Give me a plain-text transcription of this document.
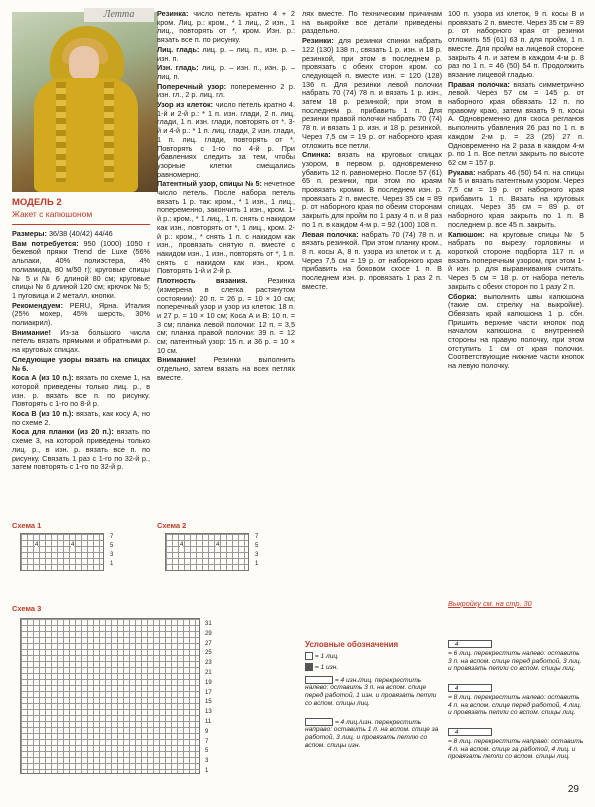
Летта
МОДЕЛЬ 2
Жакет с капюшоном

Размеры: 36/38 (40/42) 44/46

Вам потребуется: 950 (1000) 1050 г бежевой пряжи Trend de Luxe (56% альпаки, 40% полиэстера, 4% полиамида, 80 м/50 г); круговые спицы № 5 и № 6 длиной 80 см; круговые спицы № 6 длиной 120 см; крючок № 5; 1 пуговица и 2 металл. кнопки.

Рекомендуем: PERU, Ярна. Италия (25% мохер, 45% шерсть, 30% полиакрил).

Внимание! Из-за большого числа петель вязать прямыми и обратными р. на круговых спицах.

Следующие узоры вязать на спицах № 6.

Коса А (из 10 п.): вязать по схеме 1, на которой приведены только лиц. р., в изн. р. вязать все п. по рисунку. Повторять с 1-го по 8-й р.

Коса В (из 10 п.): вязать, как косу А, но по схеме 2.

Коса для планки (из 20 п.): вязать по схеме 3, на которой приведены только лиц. р., в изн. р. вязать все п. по рисунку. Связать 1 раз с 1-го по 32-й р., затем повторять с 1-го по 32-й р.

Резинка: число петель кратно 4 + 2 кром. Лиц. р.: кром., * 1 лиц., 2 изн., 1 лиц., повторять от *, кром. Изн. р.: вязать все п. по рисунку.

Лиц. гладь: лиц. р. – лиц. п., изн. р. – изн. п.

Изн. гладь: лиц. р. – изн. п., изн. р. – лиц. п.

Поперечный узор: попеременно 2 р. изн. гл., 2 р. лиц. гл.

Узор из клеток: число петель кратно 4. 1-й и 2-й р.: * 1 п. изн. глади, 2 п. лиц. глади, 1 п. изн. глади, повторять от *. 3-й и 4-й р.: * 1 п. лиц. глади, 2 изн. глади, 1 п. лиц. глади, повторять от *. Повторять с 1-го по 4-й р. При убавлениях следить за тем, чтобы узорные клетки смещались равномерно.

Патентный узор, спицы № 5: нечетное число петель. После набора петель вязать 1 р. так: кром., * 1 изн., 1 лиц., попеременно, закончить 1 изн., кром. 1-й р.: кром., * 1 лиц., 1 п. снять с накидом как изн., повторять от *, 1 лиц., кром. 2-й р.: кром., * снять 1 п. с накидом как изн., провязать снятую п. вместе с накидом изн., 1 изн., повторять от *, 1 п. снять с накидом как изн., кром. Повторять 1-й и 2-й р.

Плотность вязания. Резинка (измерена в слегка растянутом состоянии): 20 п. = 26 р. = 10 × 10 см; поперечный узор и узор из клеток: 18 п. и 27 р. = 10 × 10 см; Коса А и В: 10 п. = 3 см; планка левой полочки: 12 п. = 3,5 см; планка правой полочки: 39 п. = 12 см; патентный узор: 15 п. и 36 р. = 10 × 10 см.

Внимание! Резинки выполнить отдельно, затем вязать на всех петлях вместе.

лях вместе. По техническим причинам на выкройке все детали приведены раздельно.

Резинки: для резинки спинки набрать 122 (130) 138 п., связать 1 р. изн. и 18 р. резинкой, при этом в последнем р. провязать с обеих сторон кром. со следующей п. вместе изн. = 120 (128) 136 п. Для резинки левой полочки набрать 70 (74) 78 п. и вязать 1 р. изн., затем 18 р. резинкой; при этом в последнем р. прибавить 1 п. Для резинки правой полочки набрать 70 (74) 78 п. и вязать 1 р. изн. и 18 р. резинкой. Через 7,5 см = 19 р. от наборного края отложить все петли.

Спинка: вязать на круговых спицах узором, в первом р. одновременно убавить 12 п. равномерно. После 57 (61) 65 п. резинки, при этом по краям провязать кромки. В последнем изн. р. провязать 2 п. вместе. Через 35 см = 89 р. от наборного края по обеим сторонам закрыть для пройм по 1 разу 4 п. и 8 раз по 1 п. в каждом 4-м р. = 92 (100) 108 п.

Левая полочка: набрать 70 (74) 78 п. и вязать резинкой. При этом планку кром., 8 п. косы А, 8 п. узора из клеток и т. д. Через 7,5 см = 19 р. от наборного края прибавить на боковом скосе 1 п. В последнем изн. р. провязать 1 раз 2 п. вместе.

100 п. узора из клеток, 9 п. косы В и провязать 2 п. вместе. Через 35 см = 89 р. от наборного края от резинки отложить 55 (61) 63 п. для пройм, 1 п. вместе. Для пройм на лицевой стороне закрыть 4 п. и затем в каждом 4-м р. 8 раз по 1 п. = 46 (50) 54 п. Продолжить вязание лицевой гладью.

Правая полочка: вязать симметрично левой. Через 57 см = 145 р. от наборного края обвязать 12 п. по правому краю, затем вязать 9 п. косы А. Одновременно для скоса регланов выполнить убавления 26 раз по 1 п. в каждом 2-м р. = 23 (25) 27 п. Одновременно на 2 раза в каждом 4-м р. по 1 п. Все петли закрыть по высоте 62 см = 157 р.

Рукава: набрать 46 (50) 54 п. на спицы № 5 и вязать патентным узором. Через 7,5 см = 19 р. от наборного края прибавить 1 п. Вязать на круговых спицах. Через 35 см = 89 р. от наборного края закрыть по 1 п. В последнем р. все 45 п. закрыть.

Капюшон: на круговые спицы № 5 набрать по вырезу горловины и короткой стороне подборта 117 п. и вязать поперечным узором, при этом 1-й изн. р. для выравнивания считать. Через 5 см = 18 р. от набора петель закрыть с обеих сторон по 1 разу 2 п.

Сборка: выполнить швы капюшона (такие см. стрелку на выкройке). Обвязать край капюшона 1 р. сбн. Пришить верхние части кнопок под началом капюшона с внутренней стороны на правую полочку, при этом отступить 1 см от края полочки. Соответствующие нижние части кнопок на левую полочку.

Выкройку см. на стр. 30
Схема 1
4	4
7
5
3
1
Схема 2
4	4
7
5
3
1
Схема 3
31
29
27
25
23
21
19
17
15
13
11
9
7
5
3
1
Условные обозначения
= 1 лиц.
= 1 изн.
= 4 изн./лиц. перекрестить налево: оставить 3 п. на вспом. спице перед работой, 1 изн. и провязать петли со вспом. спицы лиц.
= 4 лиц./изн. перекрестить направо: оставить 1 п. на вспом. спице за работой, 3 лиц. и провязать петлю со вспом. спицы изн.
4
= 6 лиц. перекрестить налево: оставить 3 п. на вспом. спице перед работой, 3 лиц. и провязать петли со вспом. спицы лиц.
4
= 8 лиц. перекрестить налево: оставить 4 п. на вспом. спице перед работой, 4 лиц. и провязать петли со вспом. спицы лиц.
4
= 8 лиц. перекрестить направо: оставить 4 п. на вспом. спице за работой, 4 лиц. и провязать петли со вспом. спицы лиц.
29
